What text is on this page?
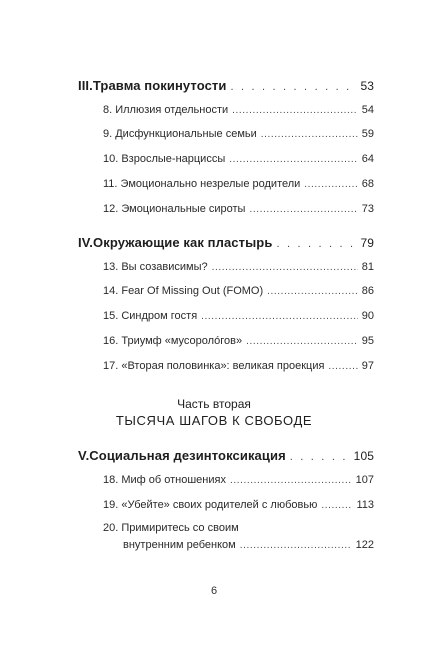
III. Травма покинутости . . .	53
8. Иллюзия отдельности .....	54
9. Дисфункциональные семьи .....	59
10. Взрослые-нарциссы .....	64
11. Эмоционально незрелые родители .....	68
12. Эмоциональные сироты .....	73
IV. Окружающие как пластырь . . .	79
13. Вы созависимы? .....	81
14. Fear Of Missing Out (FOMO) .....	86
15. Синдром гостя .....	90
16. Триумф «мусоролóгов» .....	95
17. «Вторая половинка»: великая проекция .....	97
Часть вторая
ТЫСЯЧА ШАГОВ К СВОБОДЕ
V. Социальная дезинтоксикация . . .	105
18. Миф об отношениях .....	107
19. «Убейте» своих родителей с любовью .....	113
20. Примиритесь со своим
внутренним ребенком .....	122
6
